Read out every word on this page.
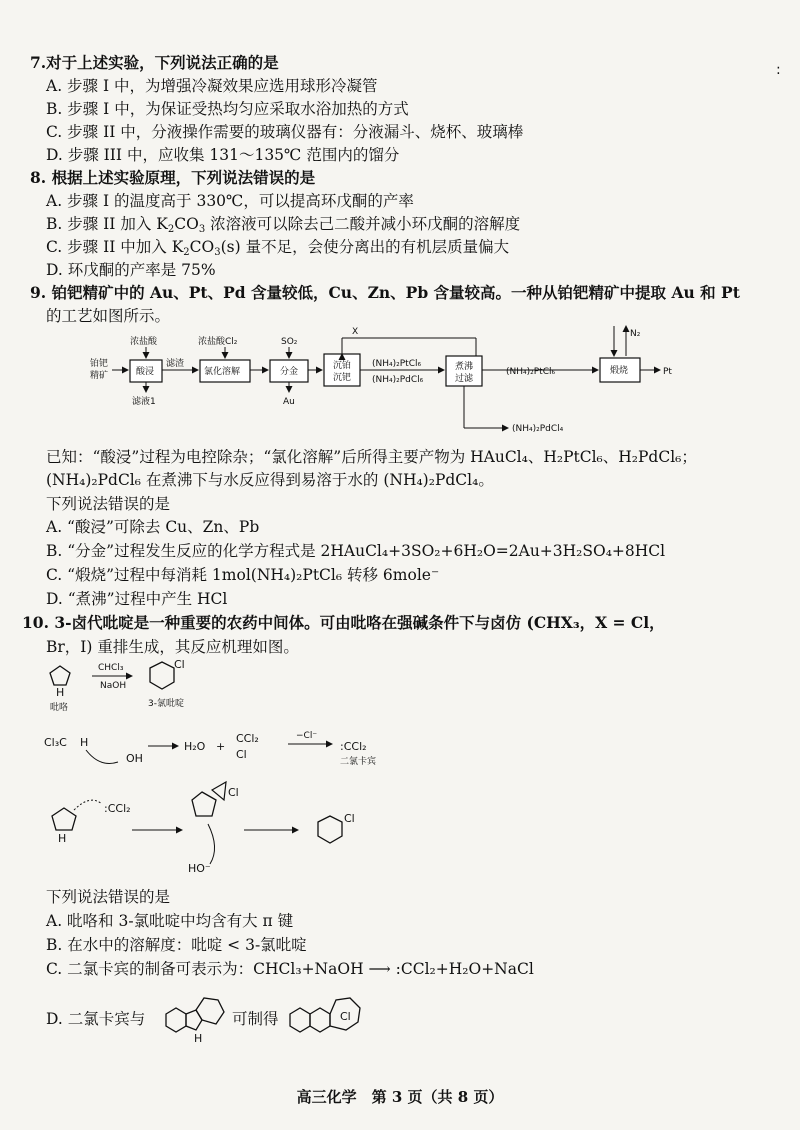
7.对于上述实验，下列说法正确的是
A. 步骤 I 中，为增强冷凝效果应选用球形冷凝管
B. 步骤 I 中，为保证受热均匀应采取水浴加热的方式
C. 步骤 II 中，分液操作需要的玻璃仪器有：分液漏斗、烧杯、玻璃棒
D. 步骤 III 中，应收集 131～135℃ 范围内的馏分
8. 根据上述实验原理，下列说法错误的是
A. 步骤 I 的温度高于 330℃，可以提高环戊酮的产率
B. 步骤 II 加入 $K_2CO_3$ 浓溶液可以除去己二酸并减小环戊酮的溶解度
C. 步骤 II 中加入 $K_2CO_3(s)$ 量不足，会使分离出的有机层质量偏大
D. 环戊酮的产率是 75%
9. 铂钯精矿中的 Au、Pt、Pd 含量较低，Cu、Zn、Pb 含量较高。一种从铂钯精矿中提取 Au 和 Pt
的工艺如图所示。
铂钯
精矿	酸浸
浓盐酸
滤液1
滤渣
氯化溶解
浓盐酸Cl₂
分金
SO₂
Au
沉铂
沉钯
X
(NH₄)₂PtCl₆
(NH₄)₂PdCl₆
煮沸
过滤
(NH₄)₂PtCl₆
(NH₄)₂PdCl₄
煅烧
N₂
Pt
已知：“酸浸”过程为电控除杂；“氯化溶解”后所得主要产物为 HAuCl₄、H₂PtCl₆、H₂PdCl₆；
(NH₄)₂PdCl₆ 在煮沸下与水反应得到易溶于水的 (NH₄)₂PdCl₄。
下列说法错误的是
A. “酸浸”可除去 Cu、Zn、Pb
B. “分金”过程发生反应的化学方程式是 2HAuCl₄+3SO₂+6H₂O=2Au+3H₂SO₄+8HCl
C. “煅烧”过程中每消耗 1mol(NH₄)₂PtCl₆ 转移 6mole⁻
D. “煮沸”过程中产生 HCl
10. 3-卤代吡啶是一种重要的农药中间体。可由吡咯在强碱条件下与卤仿 (CHX₃，X = Cl，
Br，I) 重排生成，其反应机理如图。
H
吡咯
CHCl₃
NaOH
Cl
3-氯吡啶
Cl₃C H
OH
H₂O +
CCl₂
Cl
−Cl⁻
:CCl₂
二氯卡宾
H
:CCl₂
Cl
HO⁻
Cl
下列说法错误的是
A. 吡咯和 3-氯吡啶中均含有大 π 键
B. 在水中的溶解度：吡啶 < 3-氯吡啶
C. 二氯卡宾的制备可表示为：CHCl₃+NaOH ⟶ :CCl₂+H₂O+NaCl
D. 二氯卡宾与
H
可制得	Cl
:
高三化学　第 3 页（共 8 页）
